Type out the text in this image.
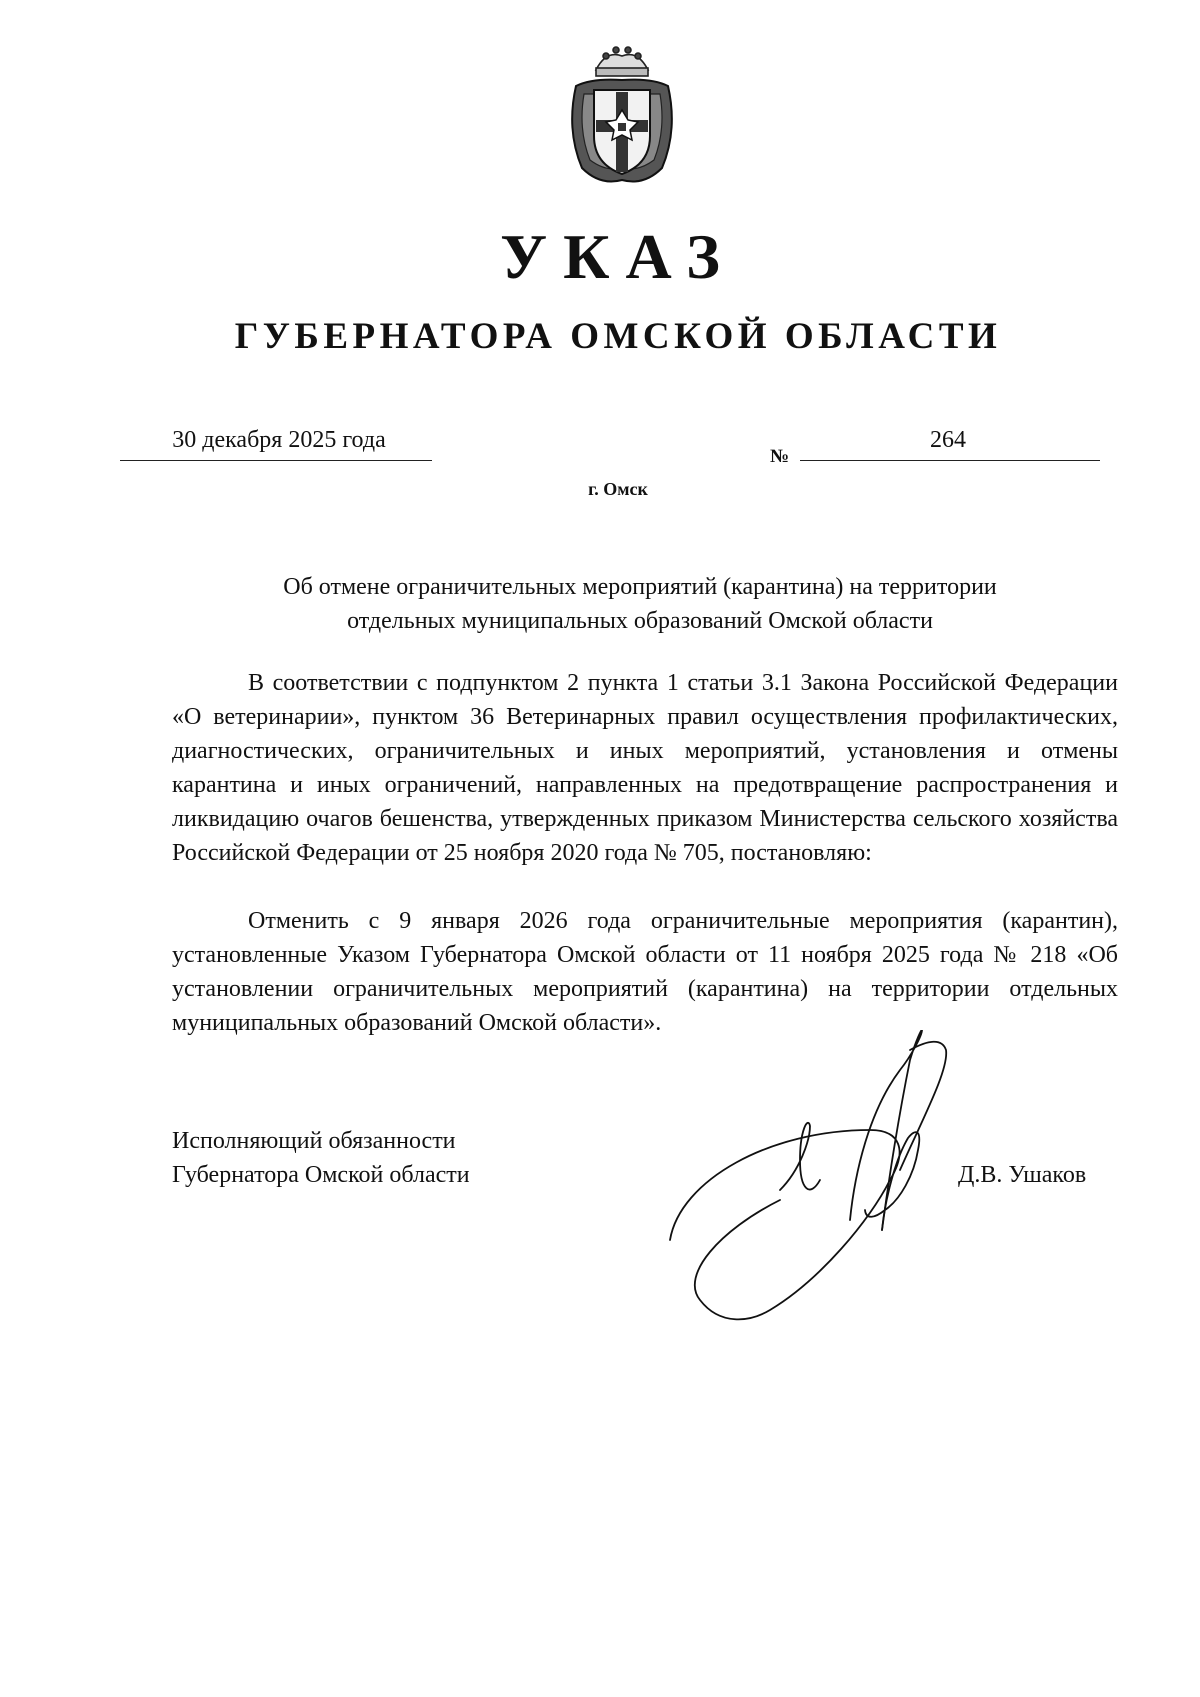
УКАЗ
ГУБЕРНАТОРА ОМСКОЙ ОБЛАСТИ
30 декабря 2025 года
№
264
г. Омск
Об отмене ограничительных мероприятий (карантина) на территории
отдельных муниципальных образований Омской области
В соответствии с подпунктом 2 пункта 1 статьи 3.1 Закона Российской Федерации «О ветеринарии», пунктом 36 Ветеринарных правил осуществления профилактических, диагностических, ограничительных и иных мероприятий, установления и отмены карантина и иных ограничений, направленных на предотвращение распространения и ликвидацию очагов бешенства, утвержденных приказом Министерства сельского хозяйства Российской Федерации от 25 ноября 2020 года № 705, постановляю:
Отменить с 9 января 2026 года ограничительные мероприятия (карантин), установленные Указом Губернатора Омской области от 11 ноября 2025 года № 218 «Об установлении ограничительных мероприятий (карантина) на территории отдельных муниципальных образований Омской области».
Исполняющий обязанности
Губернатора Омской области	Д.В. Ушаков
